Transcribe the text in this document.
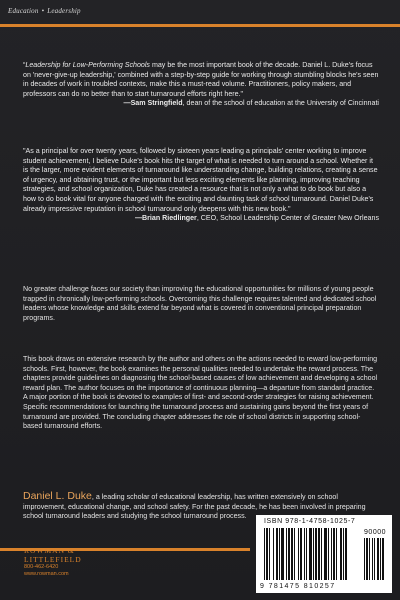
Education • Leadership

“Leadership for Low-Performing Schools may be the most important book of the decade. Daniel L. Duke's focus on 'never-give-up leadership,' combined with a step-by-step guide for working through stumbling blocks he's seen in decades of work in troubled contexts, make this a must-read volume. Practitioners, policy makers, and professors can do no better than to start turnaround efforts right here."
—Sam Stringfield, dean of the school of education at the University of Cincinnati

"As a principal for over twenty years, followed by sixteen years leading a principals' center working to improve student achievement, I believe Duke's book hits the target of what is needed to turn around a school. Whether it is the larger, more evident elements of turnaround like understanding change, building relations, creating a sense of urgency, and obtaining trust, or the important but less exciting elements like planning, improving teaching strategies, and school organization, Duke has created a resource that is not only a what to do book but also a how to do book vital for anyone charged with the exciting and daunting task of school turnaround. Daniel Duke's already impressive reputation in school turnaround only deepens with this new book."
—Brian Riedlinger, CEO, School Leadership Center of Greater New Orleans

No greater challenge faces our society than improving the educational opportunities for millions of young people trapped in chronically low-performing schools. Overcoming this challenge requires talented and dedicated school leaders whose knowledge and skills extend far beyond what is covered in conventional principal preparation programs.

This book draws on extensive research by the author and others on the actions needed to reward low-performing schools. First, however, the book examines the personal qualities needed to undertake the reward process. The chapters provide guidelines on diagnosing the school-based causes of low achievement and developing a school reward plan. The author focuses on the importance of continuous planning—a departure from standard practice. A major portion of the book is devoted to examples of first- and second-order strategies for raising achievement. Specific recommendations for launching the turnaround process and sustaining gains beyond the first years of turnaround are provided. The concluding chapter addresses the role of school districts in supporting school-based turnaround efforts.

Daniel L. Duke, a leading scholar of educational leadership, has written extensively on school improvement, educational change, and school safety. For the past decade, he has been involved in preparing school turnaround leaders and studying the school turnaround process.

ROWMAN &
LITTLEFIELD
800-462-6420
www.rowman.com
ISBN 978-1-4758-1025-7
90000
9 781475 810257
